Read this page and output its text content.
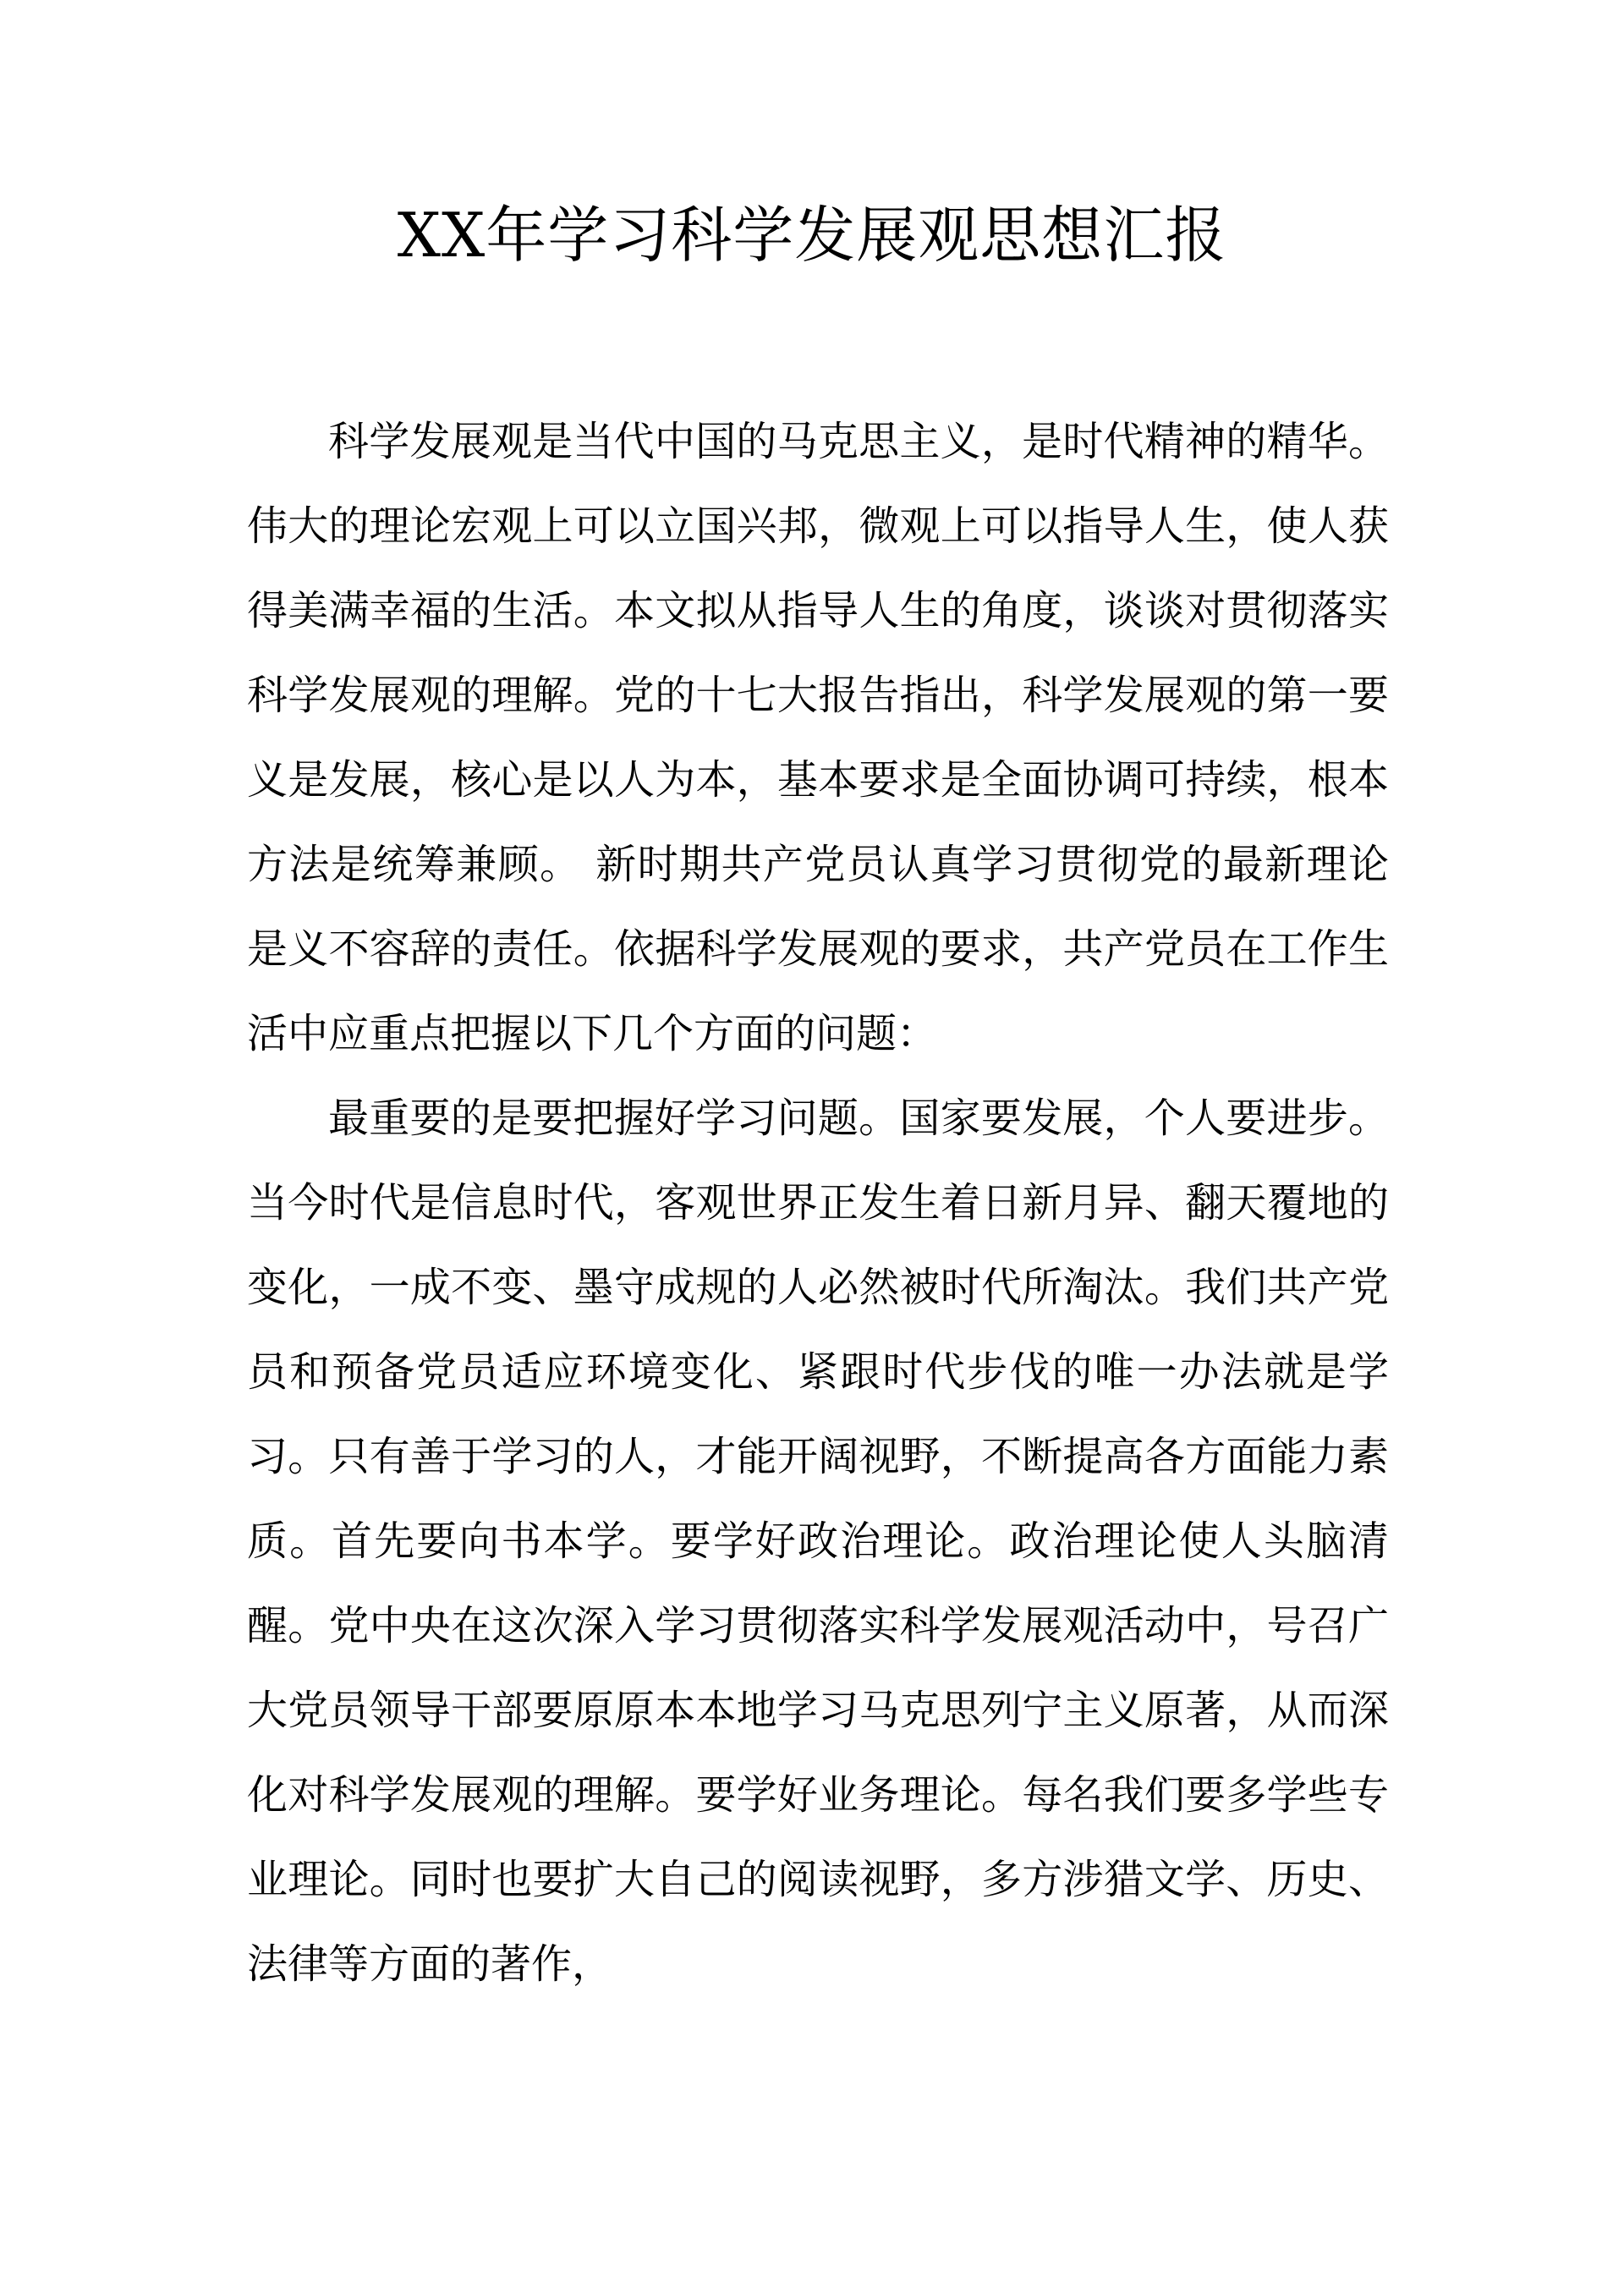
XX年学习科学发展观思想汇报

科学发展观是当代中国的马克思主义，是时代精神的精华。伟大的理论宏观上可以立国兴邦，微观上可以指导人生，使人获得美满幸福的生活。本文拟从指导人生的角度，谈谈对贯彻落实科学发展观的理解。党的十七大报告指出，科学发展观的第一要义是发展，核心是以人为本，基本要求是全面协调可持续，根本方法是统筹兼顾。 新时期共产党员认真学习贯彻党的最新理论是义不容辞的责任。依据科学发展观的要求，共产党员在工作生活中应重点把握以下几个方面的问题：

最重要的是要把握好学习问题。国家要发展，个人要进步。当今时代是信息时代，客观世界正发生着日新月异、翻天覆地的变化，一成不变、墨守成规的人必然被时代所淘汰。我们共产党员和预备党员适应环境变化、紧跟时代步伐的唯一办法就是学习。只有善于学习的人，才能开阔视野，不断提高各方面能力素质。首先要向书本学。要学好政治理论。政治理论使人头脑清醒。党中央在这次深入学习贯彻落实科学发展观活动中，号召广大党员领导干部要原原本本地学习马克思列宁主义原著，从而深化对科学发展观的理解。要学好业务理论。每名我们要多学些专业理论。同时也要扩大自己的阅读视野，多方涉猎文学、历史、法律等方面的著作，
